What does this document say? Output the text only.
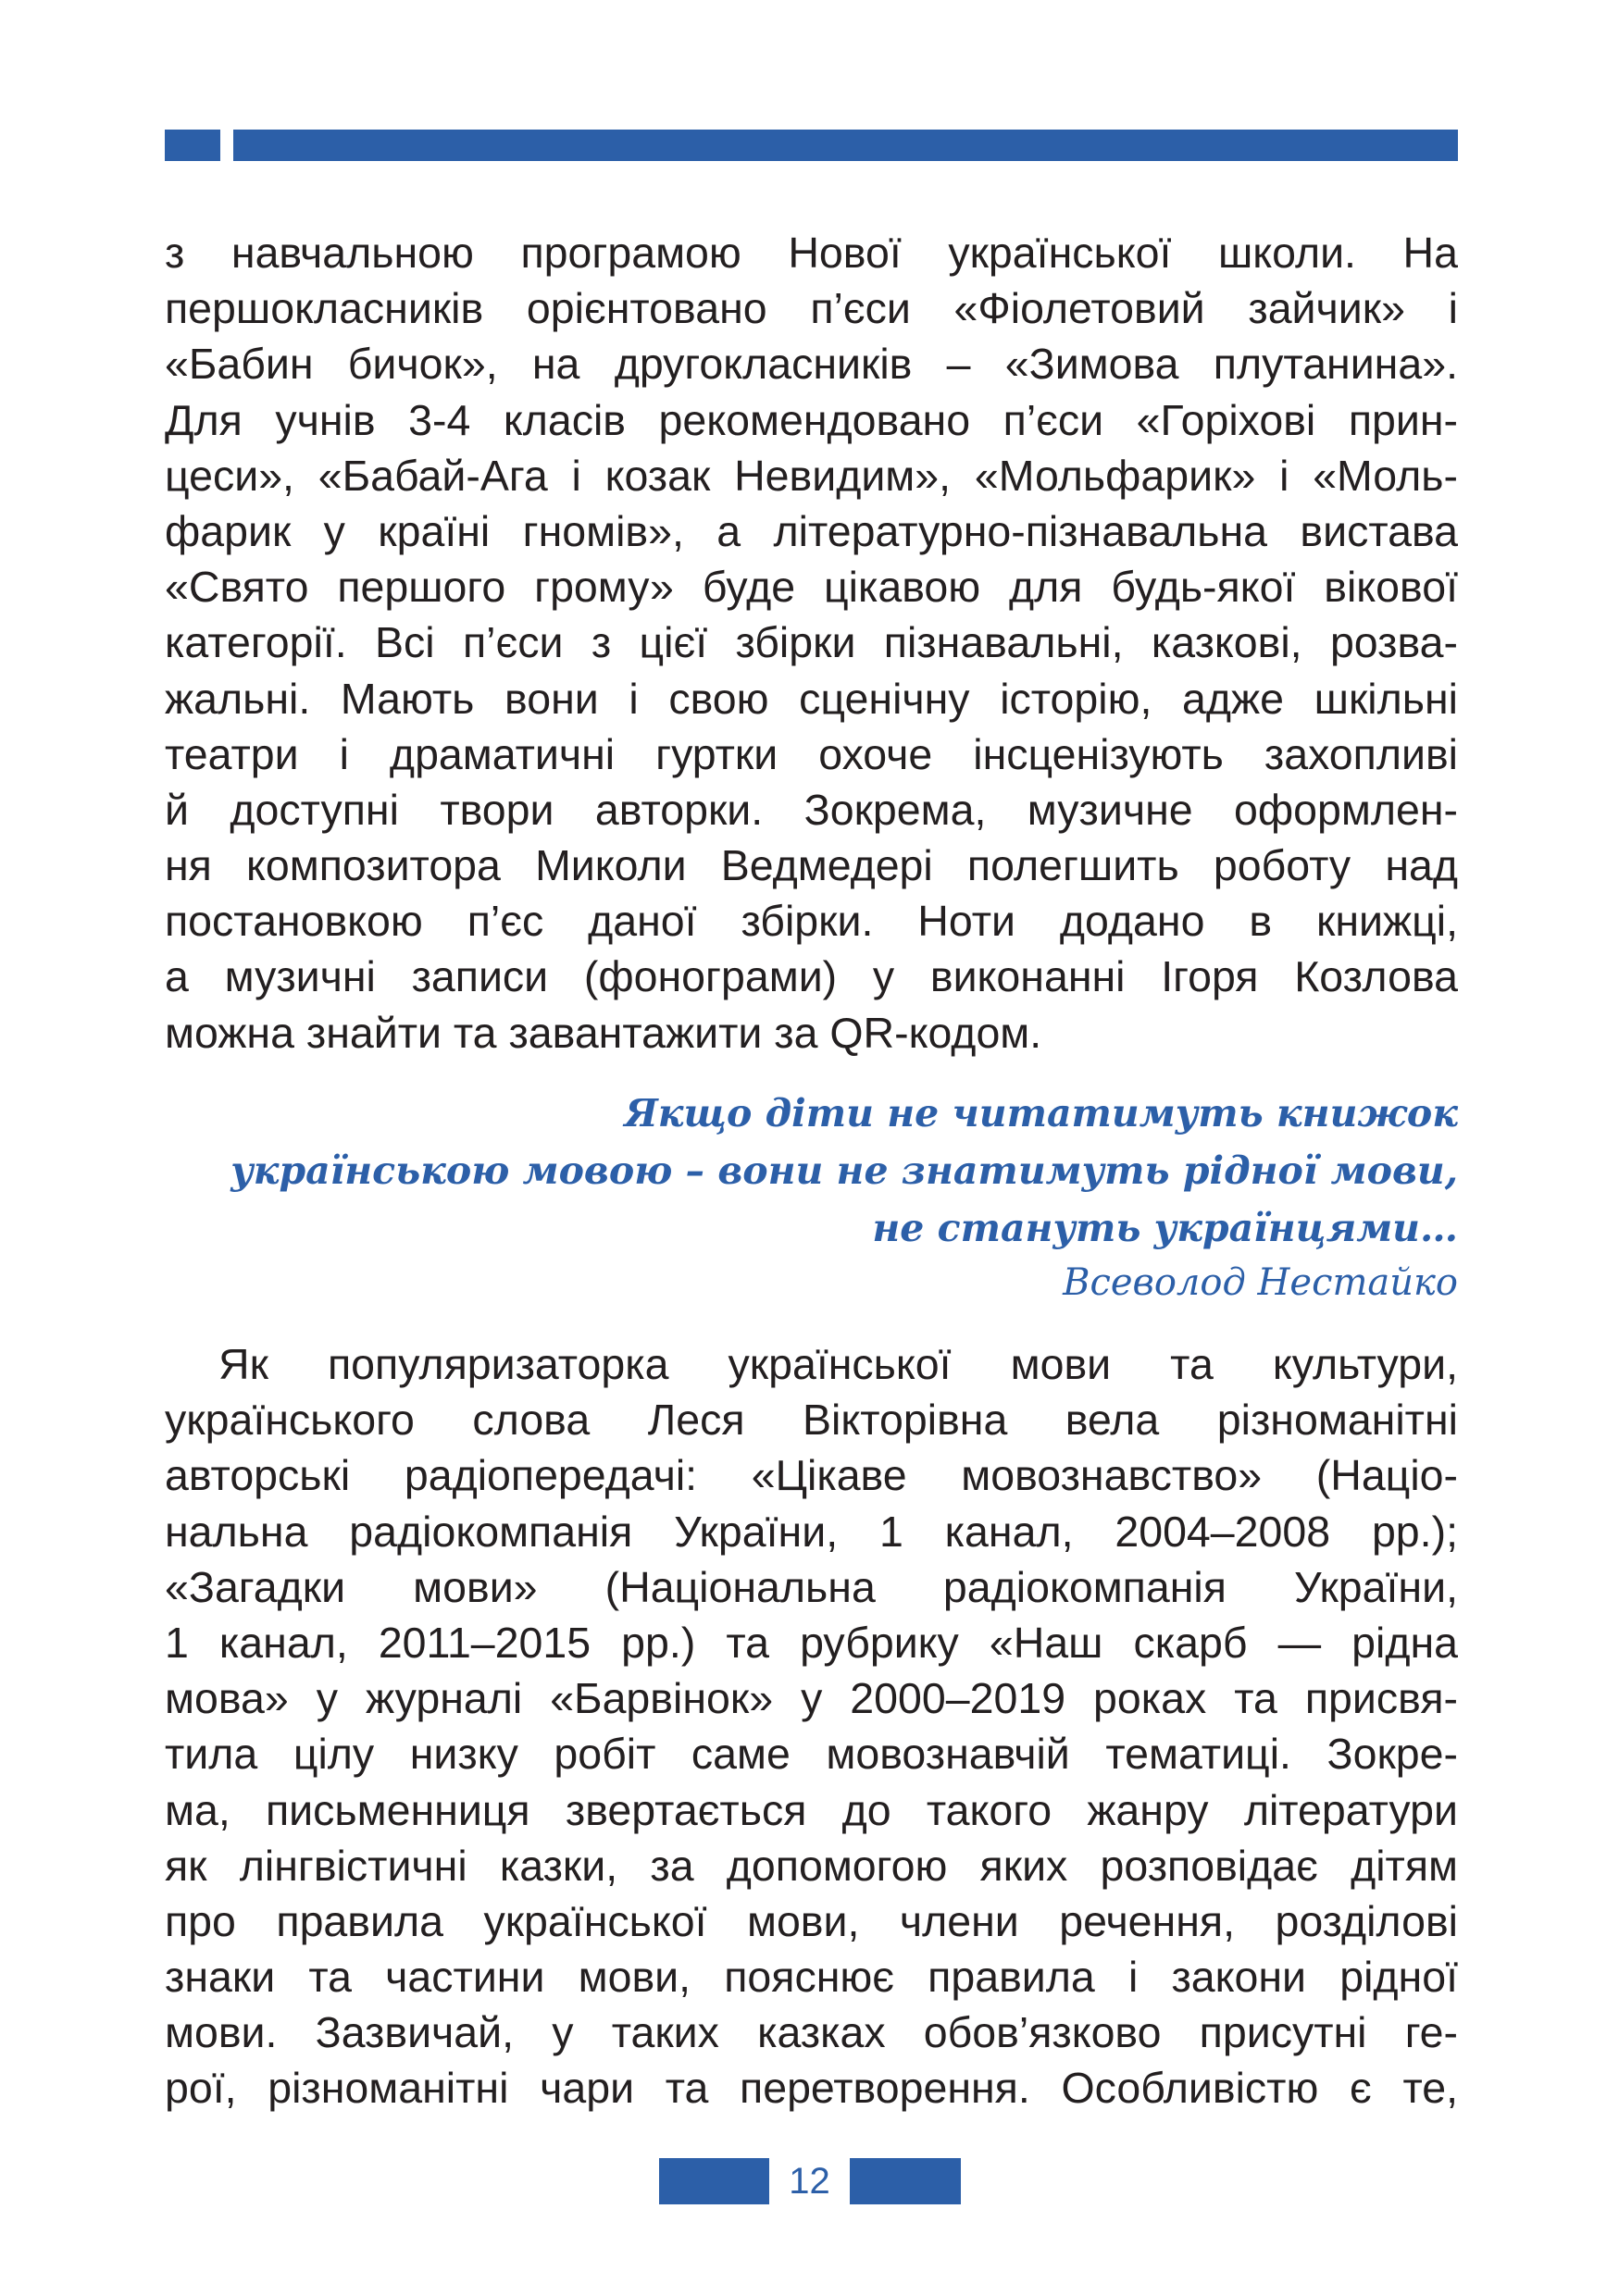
з навчальною програмою Нової української школи. На
першокласників орієнтовано п’єси «Фіолетовий зайчик» і
«Бабин бичок», на другокласників – «Зимова плутанина».
Для учнів 3-4 класів рекомендовано п’єси «Горіхові прин-
цеси», «Бабай-Ага і козак Невидим», «Мольфарик» і «Моль-
фарик у країні гномів», а літературно-пізнавальна вистава
«Свято першого грому» буде цікавою для будь-якої вікової
категорії. Всі п’єси з цієї збірки пізнавальні, казкові, розва-
жальні. Мають вони і свою сценічну історію, адже шкільні
театри і драматичні гуртки охоче інсценізують захопливі
й доступні твори авторки. Зокрема, музичне оформлен-
ня композитора Миколи Ведмедері полегшить роботу над
постановкою п’єс даної збірки. Ноти додано в книжці,
а музичні записи (фонограми) у виконанні Ігоря Козлова
можна знайти та завантажити за QR-кодом.
Якщо діти не читатимуть книжок
українською мовою – вони не знатимуть рідної мови,
не стануть українцями…
Всеволод Нестайко
Як популяризаторка української мови та культури,
українського слова Леся Вікторівна вела різноманітні
авторські радіопередачі: «Цікаве мовознавство» (Націо-
нальна радіокомпанія України, 1 канал, 2004–2008 рр.);
«Загадки мови» (Національна радіокомпанія України,
1 канал, 2011–2015 рр.) та рубрику «Наш скарб — рідна
мова» у журналі «Барвінок» у 2000–2019 роках та присвя-
тила цілу низку робіт саме мовознавчій тематиці. Зокре-
ма, письменниця звертається до такого жанру літератури
як лінгвістичні казки, за допомогою яких розповідає дітям
про правила української мови, члени речення, розділові
знаки та частини мови, пояснює правила і закони рідної
мови. Зазвичай, у таких казках обов’язково присутні ге-
рої, різноманітні чари та перетворення. Особливістю є те,
12
